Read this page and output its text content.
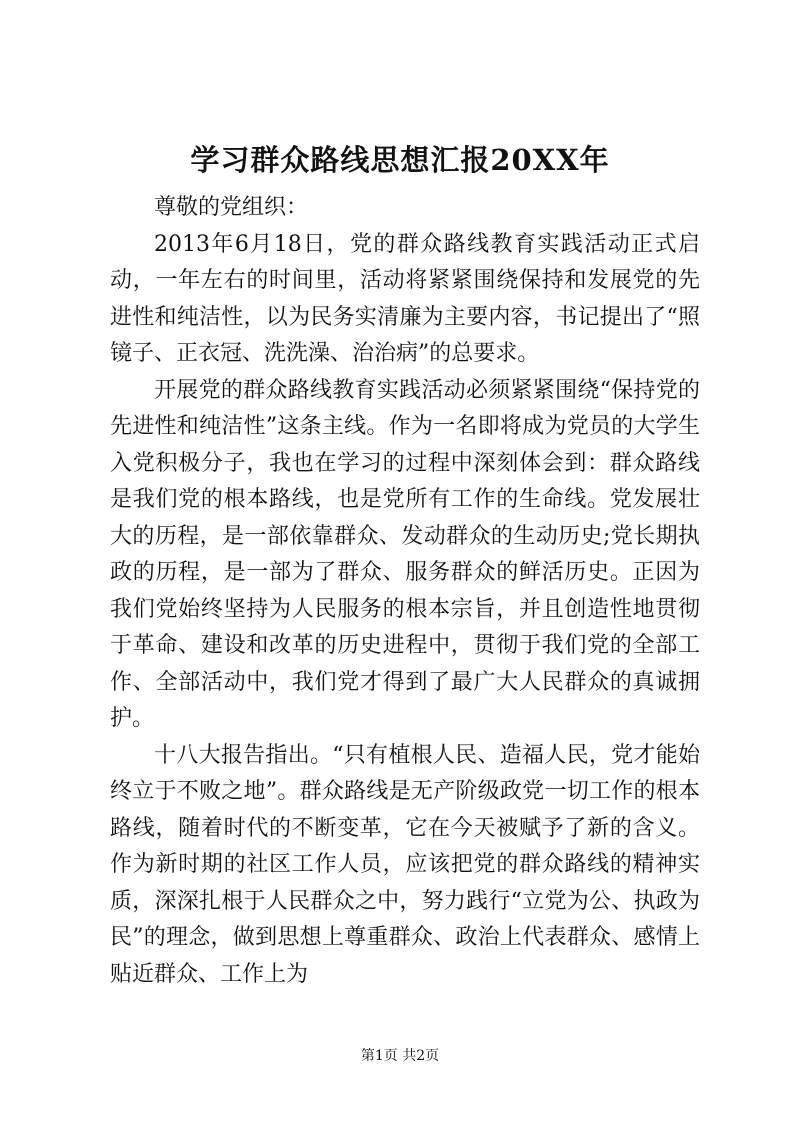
学习群众路线思想汇报20XX年

尊敬的党组织：

2013年6月18日，党的群众路线教育实践活动正式启动，一年左右的时间里，活动将紧紧围绕保持和发展党的先进性和纯洁性，以为民务实清廉为主要内容，书记提出了“照镜子、正衣冠、洗洗澡、治治病”的总要求。

开展党的群众路线教育实践活动必须紧紧围绕“保持党的先进性和纯洁性”这条主线。作为一名即将成为党员的大学生入党积极分子，我也在学习的过程中深刻体会到：群众路线是我们党的根本路线，也是党所有工作的生命线。党发展壮大的历程，是一部依靠群众、发动群众的生动历史;党长期执政的历程，是一部为了群众、服务群众的鲜活历史。正因为我们党始终坚持为人民服务的根本宗旨，并且创造性地贯彻于革命、建设和改革的历史进程中，贯彻于我们党的全部工作、全部活动中，我们党才得到了最广大人民群众的真诚拥护。

十八大报告指出。“只有植根人民、造福人民，党才能始终立于不败之地”。群众路线是无产阶级政党一切工作的根本路线，随着时代的不断变革，它在今天被赋予了新的含义。作为新时期的社区工作人员，应该把党的群众路线的精神实质，深深扎根于人民群众之中，努力践行“立党为公、执政为民”的理念，做到思想上尊重群众、政治上代表群众、感情上贴近群众、工作上为

第1页 共2页
